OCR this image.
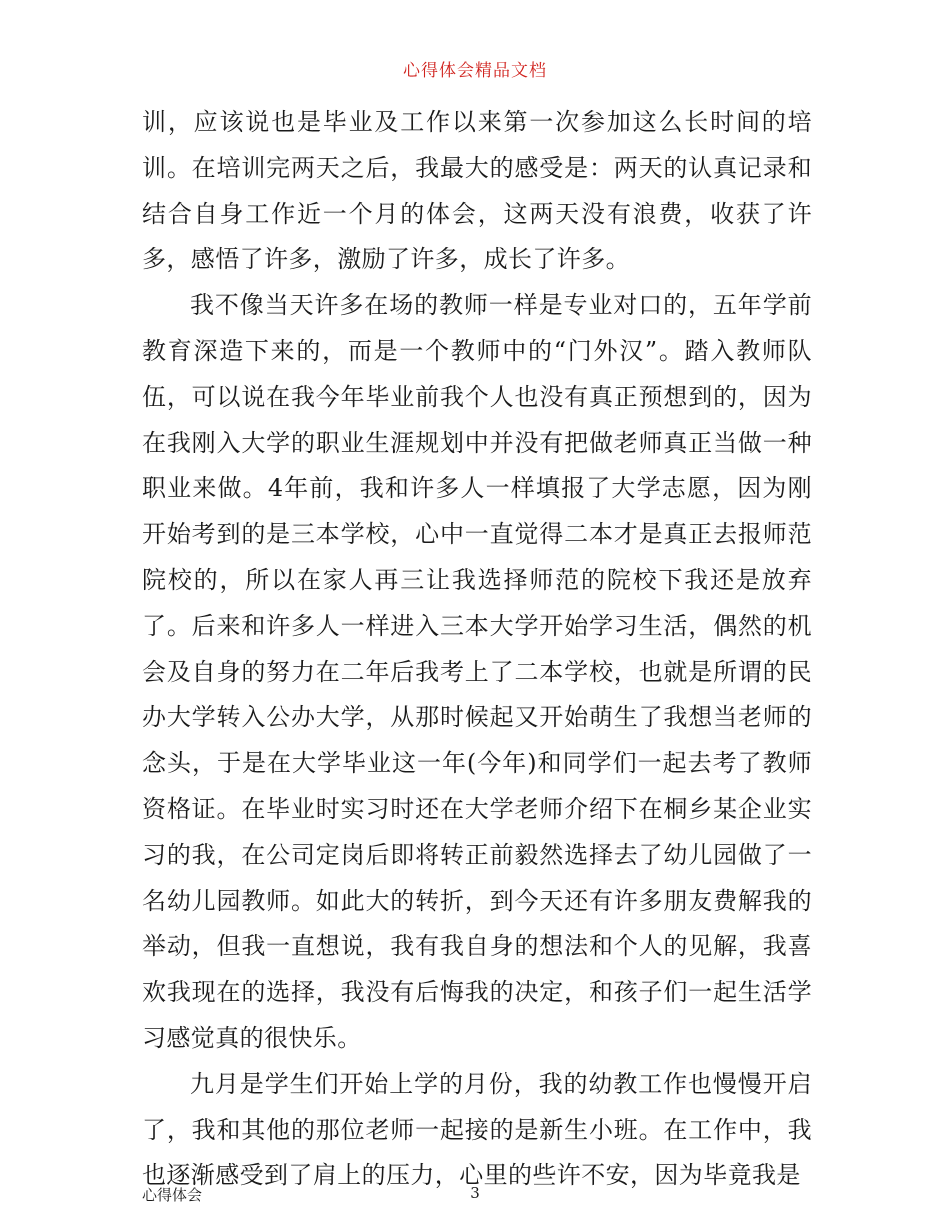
心得体会精品文档

训，应该说也是毕业及工作以来第一次参加这么长时间的培训。在培训完两天之后，我最大的感受是：两天的认真记录和结合自身工作近一个月的体会，这两天没有浪费，收获了许多，感悟了许多，激励了许多，成长了许多。

我不像当天许多在场的教师一样是专业对口的，五年学前教育深造下来的，而是一个教师中的“门外汉”。踏入教师队伍，可以说在我今年毕业前我个人也没有真正预想到的，因为在我刚入大学的职业生涯规划中并没有把做老师真正当做一种职业来做。4年前，我和许多人一样填报了大学志愿，因为刚开始考到的是三本学校，心中一直觉得二本才是真正去报师范院校的，所以在家人再三让我选择师范的院校下我还是放弃了。后来和许多人一样进入三本大学开始学习生活，偶然的机会及自身的努力在二年后我考上了二本学校，也就是所谓的民办大学转入公办大学，从那时候起又开始萌生了我想当老师的念头，于是在大学毕业这一年(今年)和同学们一起去考了教师资格证。在毕业时实习时还在大学老师介绍下在桐乡某企业实习的我，在公司定岗后即将转正前毅然选择去了幼儿园做了一名幼儿园教师。如此大的转折，到今天还有许多朋友费解我的举动，但我一直想说，我有我自身的想法和个人的见解，我喜欢我现在的选择，我没有后悔我的决定，和孩子们一起生活学习感觉真的很快乐。

九月是学生们开始上学的月份，我的幼教工作也慢慢开启了，我和其他的那位老师一起接的是新生小班。在工作中，我也逐渐感受到了肩上的压力，心里的些许不安，因为毕竟我是

心得体会	3
